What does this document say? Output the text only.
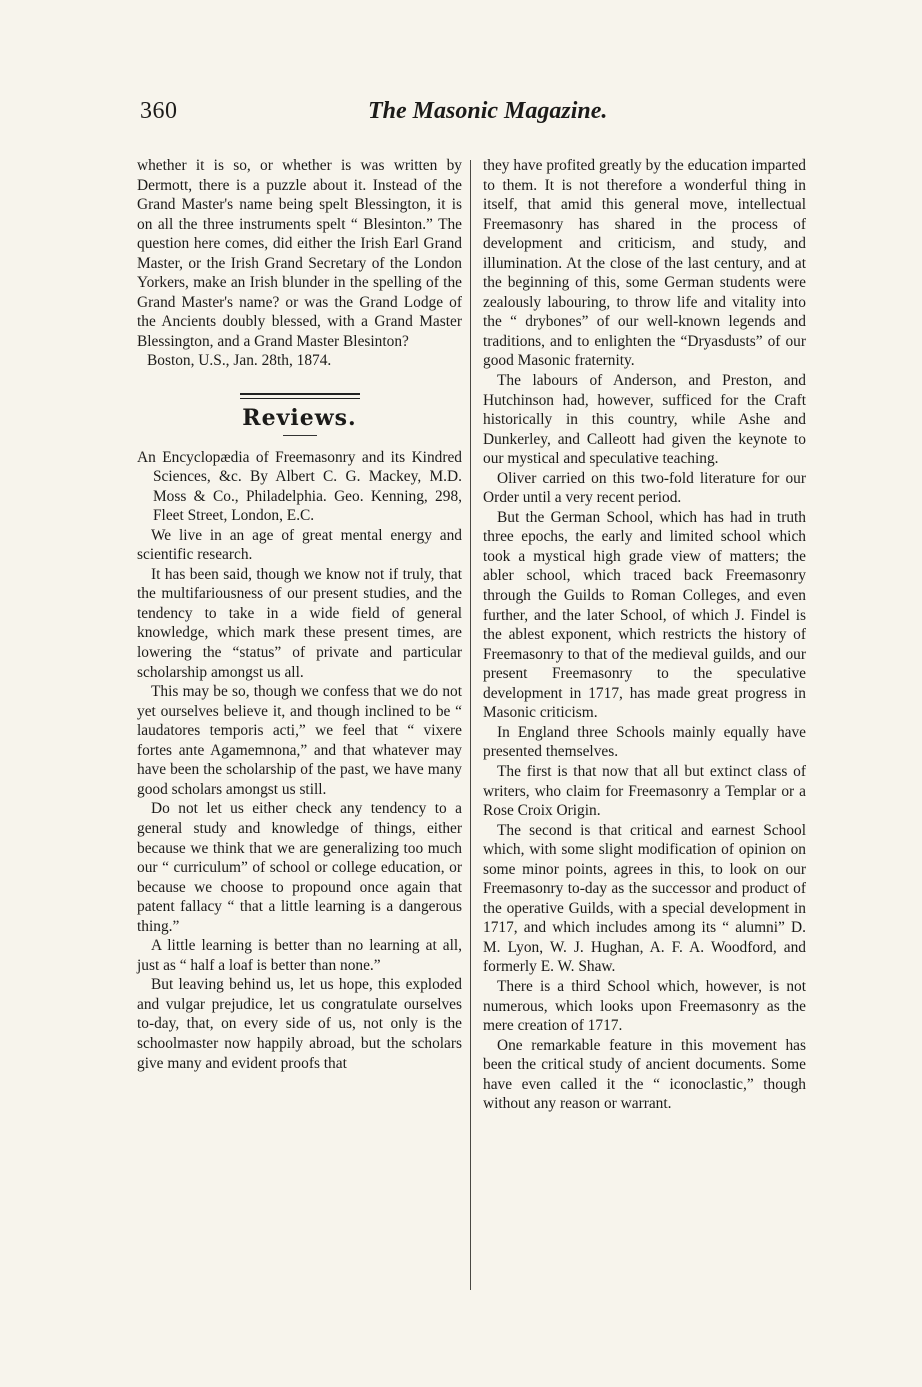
360	The Masonic Magazine.

whether it is so, or whether is was written by Dermott, there is a puzzle about it. Instead of the Grand Master's name being spelt Blessington, it is on all the three instruments spelt “ Blesinton.” The question here comes, did either the Irish Earl Grand Master, or the Irish Grand Secretary of the London Yorkers, make an Irish blunder in the spelling of the Grand Master's name? or was the Grand Lodge of the Ancients doubly blessed, with a Grand Master Blessington, and a Grand Master Blesinton?

Boston, U.S., Jan. 28th, 1874.

Reviews.

An Encyclopædia of Freemasonry and its Kindred Sciences, &c. By Albert C. G. Mackey, M.D. Moss & Co., Philadelphia. Geo. Kenning, 298, Fleet Street, London, E.C.

We live in an age of great mental energy and scientific research.

It has been said, though we know not if truly, that the multifariousness of our present studies, and the tendency to take in a wide field of general knowledge, which mark these present times, are lowering the “status” of private and particular scholarship amongst us all.

This may be so, though we confess that we do not yet ourselves believe it, and though inclined to be “ laudatores temporis acti,” we feel that “ vixere fortes ante Agamemnona,” and that whatever may have been the scholarship of the past, we have many good scholars amongst us still.

Do not let us either check any tendency to a general study and knowledge of things, either because we think that we are generalizing too much our “ curriculum” of school or college education, or because we choose to propound once again that patent fallacy “ that a little learning is a dangerous thing.”

A little learning is better than no learning at all, just as “ half a loaf is better than none.”

But leaving behind us, let us hope, this exploded and vulgar prejudice, let us congratulate ourselves to-day, that, on every side of us, not only is the schoolmaster now happily abroad, but the scholars give many and evident proofs that

they have profited greatly by the education imparted to them. It is not therefore a wonderful thing in itself, that amid this general move, intellectual Freemasonry has shared in the process of development and criticism, and study, and illumination. At the close of the last century, and at the beginning of this, some German students were zealously labouring, to throw life and vitality into the “ drybones” of our well-known legends and traditions, and to enlighten the “Dryasdusts” of our good Masonic fraternity.

The labours of Anderson, and Preston, and Hutchinson had, however, sufficed for the Craft historically in this country, while Ashe and Dunkerley, and Calleott had given the keynote to our mystical and speculative teaching.

Oliver carried on this two-fold literature for our Order until a very recent period.

But the German School, which has had in truth three epochs, the early and limited school which took a mystical high grade view of matters; the abler school, which traced back Freemasonry through the Guilds to Roman Colleges, and even further, and the later School, of which J. Findel is the ablest exponent, which restricts the history of Freemasonry to that of the medieval guilds, and our present Freemasonry to the speculative development in 1717, has made great progress in Masonic criticism.

In England three Schools mainly equally have presented themselves.

The first is that now that all but extinct class of writers, who claim for Freemasonry a Templar or a Rose Croix Origin.

The second is that critical and earnest School which, with some slight modification of opinion on some minor points, agrees in this, to look on our Freemasonry to-day as the successor and product of the operative Guilds, with a special development in 1717, and which includes among its “ alumni” D. M. Lyon, W. J. Hughan, A. F. A. Woodford, and formerly E. W. Shaw.

There is a third School which, however, is not numerous, which looks upon Freemasonry as the mere creation of 1717.

One remarkable feature in this movement has been the critical study of ancient documents. Some have even called it the “ iconoclastic,” though without any reason or warrant.
